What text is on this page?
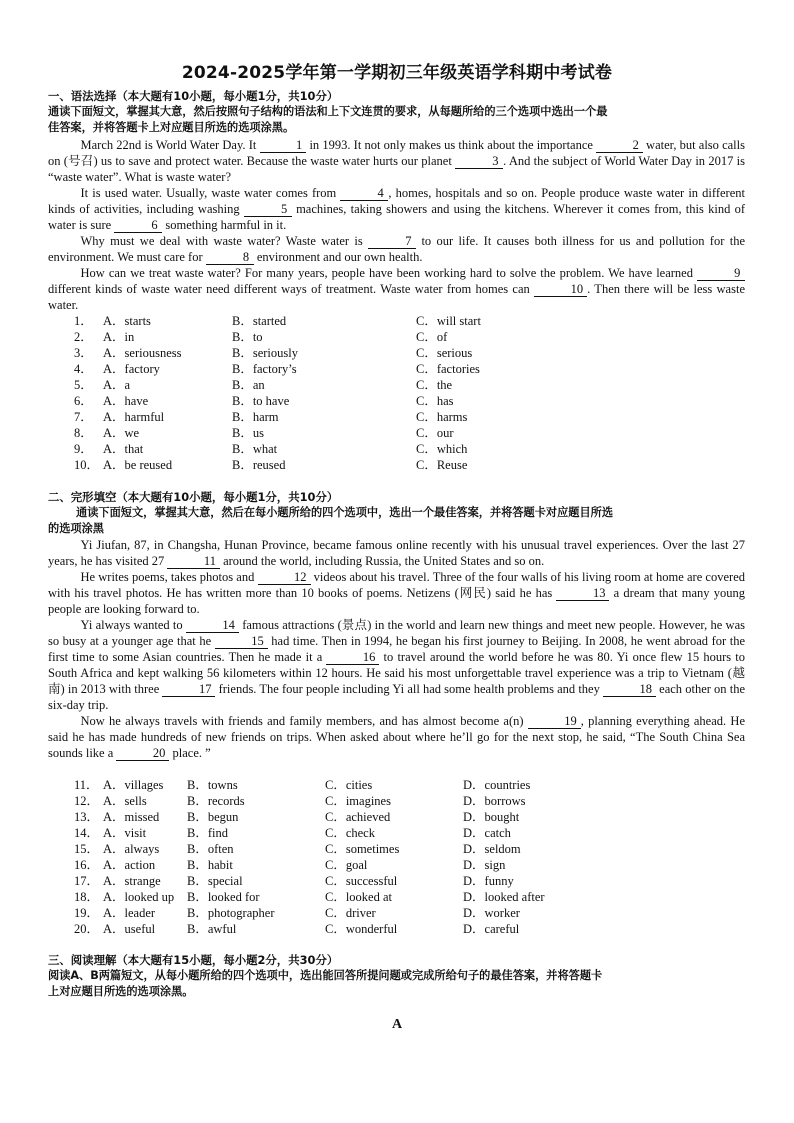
2024-2025学年第一学期初三年级英语学科期中考试卷
一、语法选择（本大题有10小题，每小题1分，共10分）
通读下面短文，掌握其大意，然后按照句子结构的语法和上下文连贯的要求，从每题所给的三个选项中选出一个最
佳答案，并将答题卡上对应题目所选的选项涂黑。
March 22nd is World Water Day. It	1 in 1993. It not only makes us think about the importance	2 water, but also calls on (号召) us to save and protect water. Because the waste water hurts our planet	3 . And the subject of World Water Day in 2017 is “waste water”. What is waste water?
It is used water. Usually, waste water comes from	4 , homes, hospitals and so on. People produce waste water in different kinds of activities, including washing	5 machines, taking showers and using the kitchens. Wherever it comes from, this kind of water is sure	6 something harmful in it.
Why must we deal with waste water? Waste water is	7 to our life. It causes both illness for us and pollution for the environment. We must care for	8 environment and our own health.
How can we treat waste water? For many years, people have been working hard to solve the problem. We have learned	9 different kinds of waste water need different ways of treatment. Waste water from homes can	10 . Then there will be less waste water.
1． A．starts	B．started	C．will start
2． A．in	B．to	C．of
3． A．seriousness	B．seriously	C．serious
4． A．factory	B．factory’s	C．factories
5． A．a	B．an	C．the
6． A．have	B．to have	C．has
7． A．harmful	B．harm	C．harms
8． A．we	B．us	C．our
9． A．that	B．what	C．which
10． A．be reused	B．reused	C．Reuse
二、完形填空（本大题有10小题，每小题1分，共10分）
通读下面短文，掌握其大意，然后在每小题所给的四个选项中，选出一个最佳答案，并将答题卡对应题目所选
的选项涂黑
Yi Jiufan, 87, in Changsha, Hunan Province, became famous online recently with his unusual travel experiences. Over the last 27 years, he has visited 27	11 around the world, including Russia, the United States and so on.
He writes poems, takes photos and	12 videos about his travel. Three of the four walls of his living room at home are covered with his travel photos. He has written more than 10 books of poems. Netizens (网民) said he has	13 a dream that many young people are looking forward to.
Yi always wanted to	14 famous attractions (景点) in the world and learn new things and meet new people. However, he was so busy at a younger age that he	15 had time. Then in 1994, he began his first journey to Beijing. In 2008, he went abroad for the first time to some Asian countries. Then he made it a	16 to travel around the world before he was 80. Yi once flew 15 hours to South Africa and kept walking 56 kilometers within 12 hours. He said his most unforgettable travel experience was a trip to Vietnam (越南) in 2013 with three	17 friends. The four people including Yi all had some health problems and they	18 each other on the six-day trip.
Now he always travels with friends and family members, and has almost become a(n)	19 , planning everything ahead. He said he has made hundreds of new friends on trips. When asked about where he’ll go for the next stop, he said, “The South China Sea sounds like a	20 place. ”
11． A．villages B．towns	C．cities	D．countries
12． A．sells	B．records	C．imagines	D．borrows
13． A．missed B．begun	C．achieved	D．bought
14． A．visit	B．find	C．check	D．catch
15． A．always B．often	C．sometimes	D．seldom
16． A．action	B．habit	C．goal	D．sign
17． A．strange B．special	C．successful	D．funny
18． A．looked up B．looked for	C．looked at	D．looked after
19． A．leader	B．photographer	C．driver	D．worker
20． A．useful	B．awful	C．wonderful	D．careful
三、阅读理解（本大题有15小题，每小题2分，共30分）
阅读A、B两篇短文，从每小题所给的四个选项中，选出能回答所提问题或完成所给句子的最佳答案，并将答题卡
上对应题目所选的选项涂黑。
A
